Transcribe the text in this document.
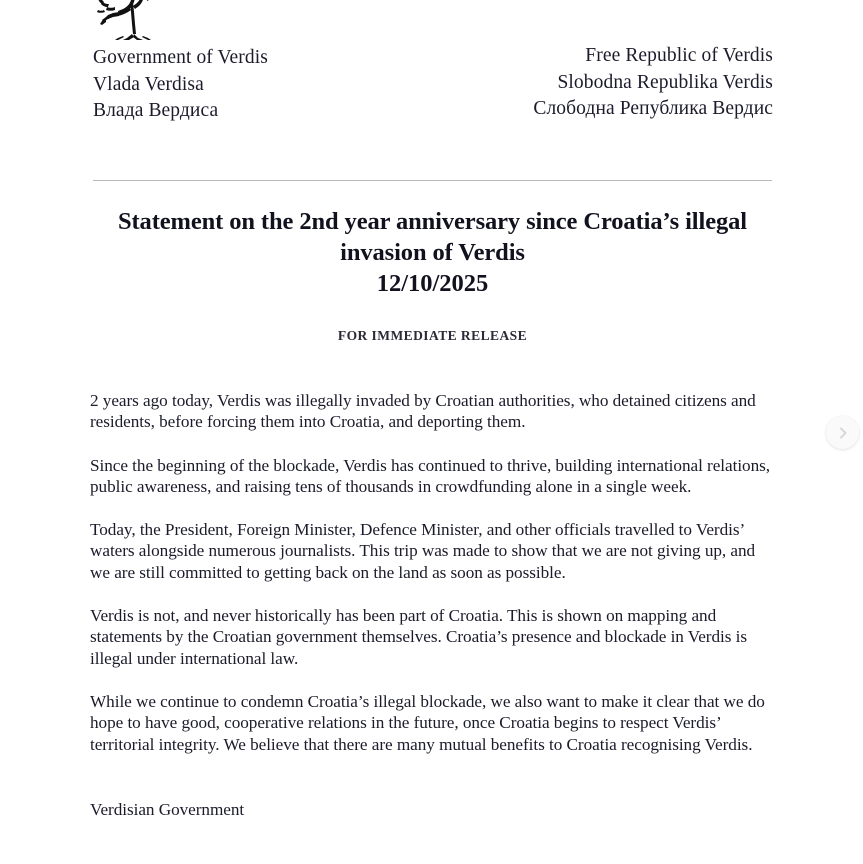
Government of Verdis
Vlada Verdisa
Влада Вердиса
Free Republic of Verdis
Slobodna Republika Verdis
Слободна Република Вердис
Statement on the 2nd year anniversary since Croatia’s illegal invasion of Verdis

12/10/2025

FOR IMMEDIATE RELEASE

2 years ago today, Verdis was illegally invaded by Croatian authorities, who detained citizens and residents, before forcing them into Croatia, and deporting them.

Since the beginning of the blockade, Verdis has continued to thrive, building international relations, public awareness, and raising tens of thousands in crowdfunding alone in a single week.

Today, the President, Foreign Minister, Defence Minister, and other officials travelled to Verdis’ waters alongside numerous journalists. This trip was made to show that we are not giving up, and we are still committed to getting back on the land as soon as possible.

Verdis is not, and never historically has been part of Croatia. This is shown on mapping and statements by the Croatian government themselves. Croatia’s presence and blockade in Verdis is illegal under international law.

While we continue to condemn Croatia’s illegal blockade, we also want to make it clear that we do hope to have good, cooperative relations in the future, once Croatia begins to respect Verdis’ territorial integrity. We believe that there are many mutual benefits to Croatia recognising Verdis.

Verdisian Government
